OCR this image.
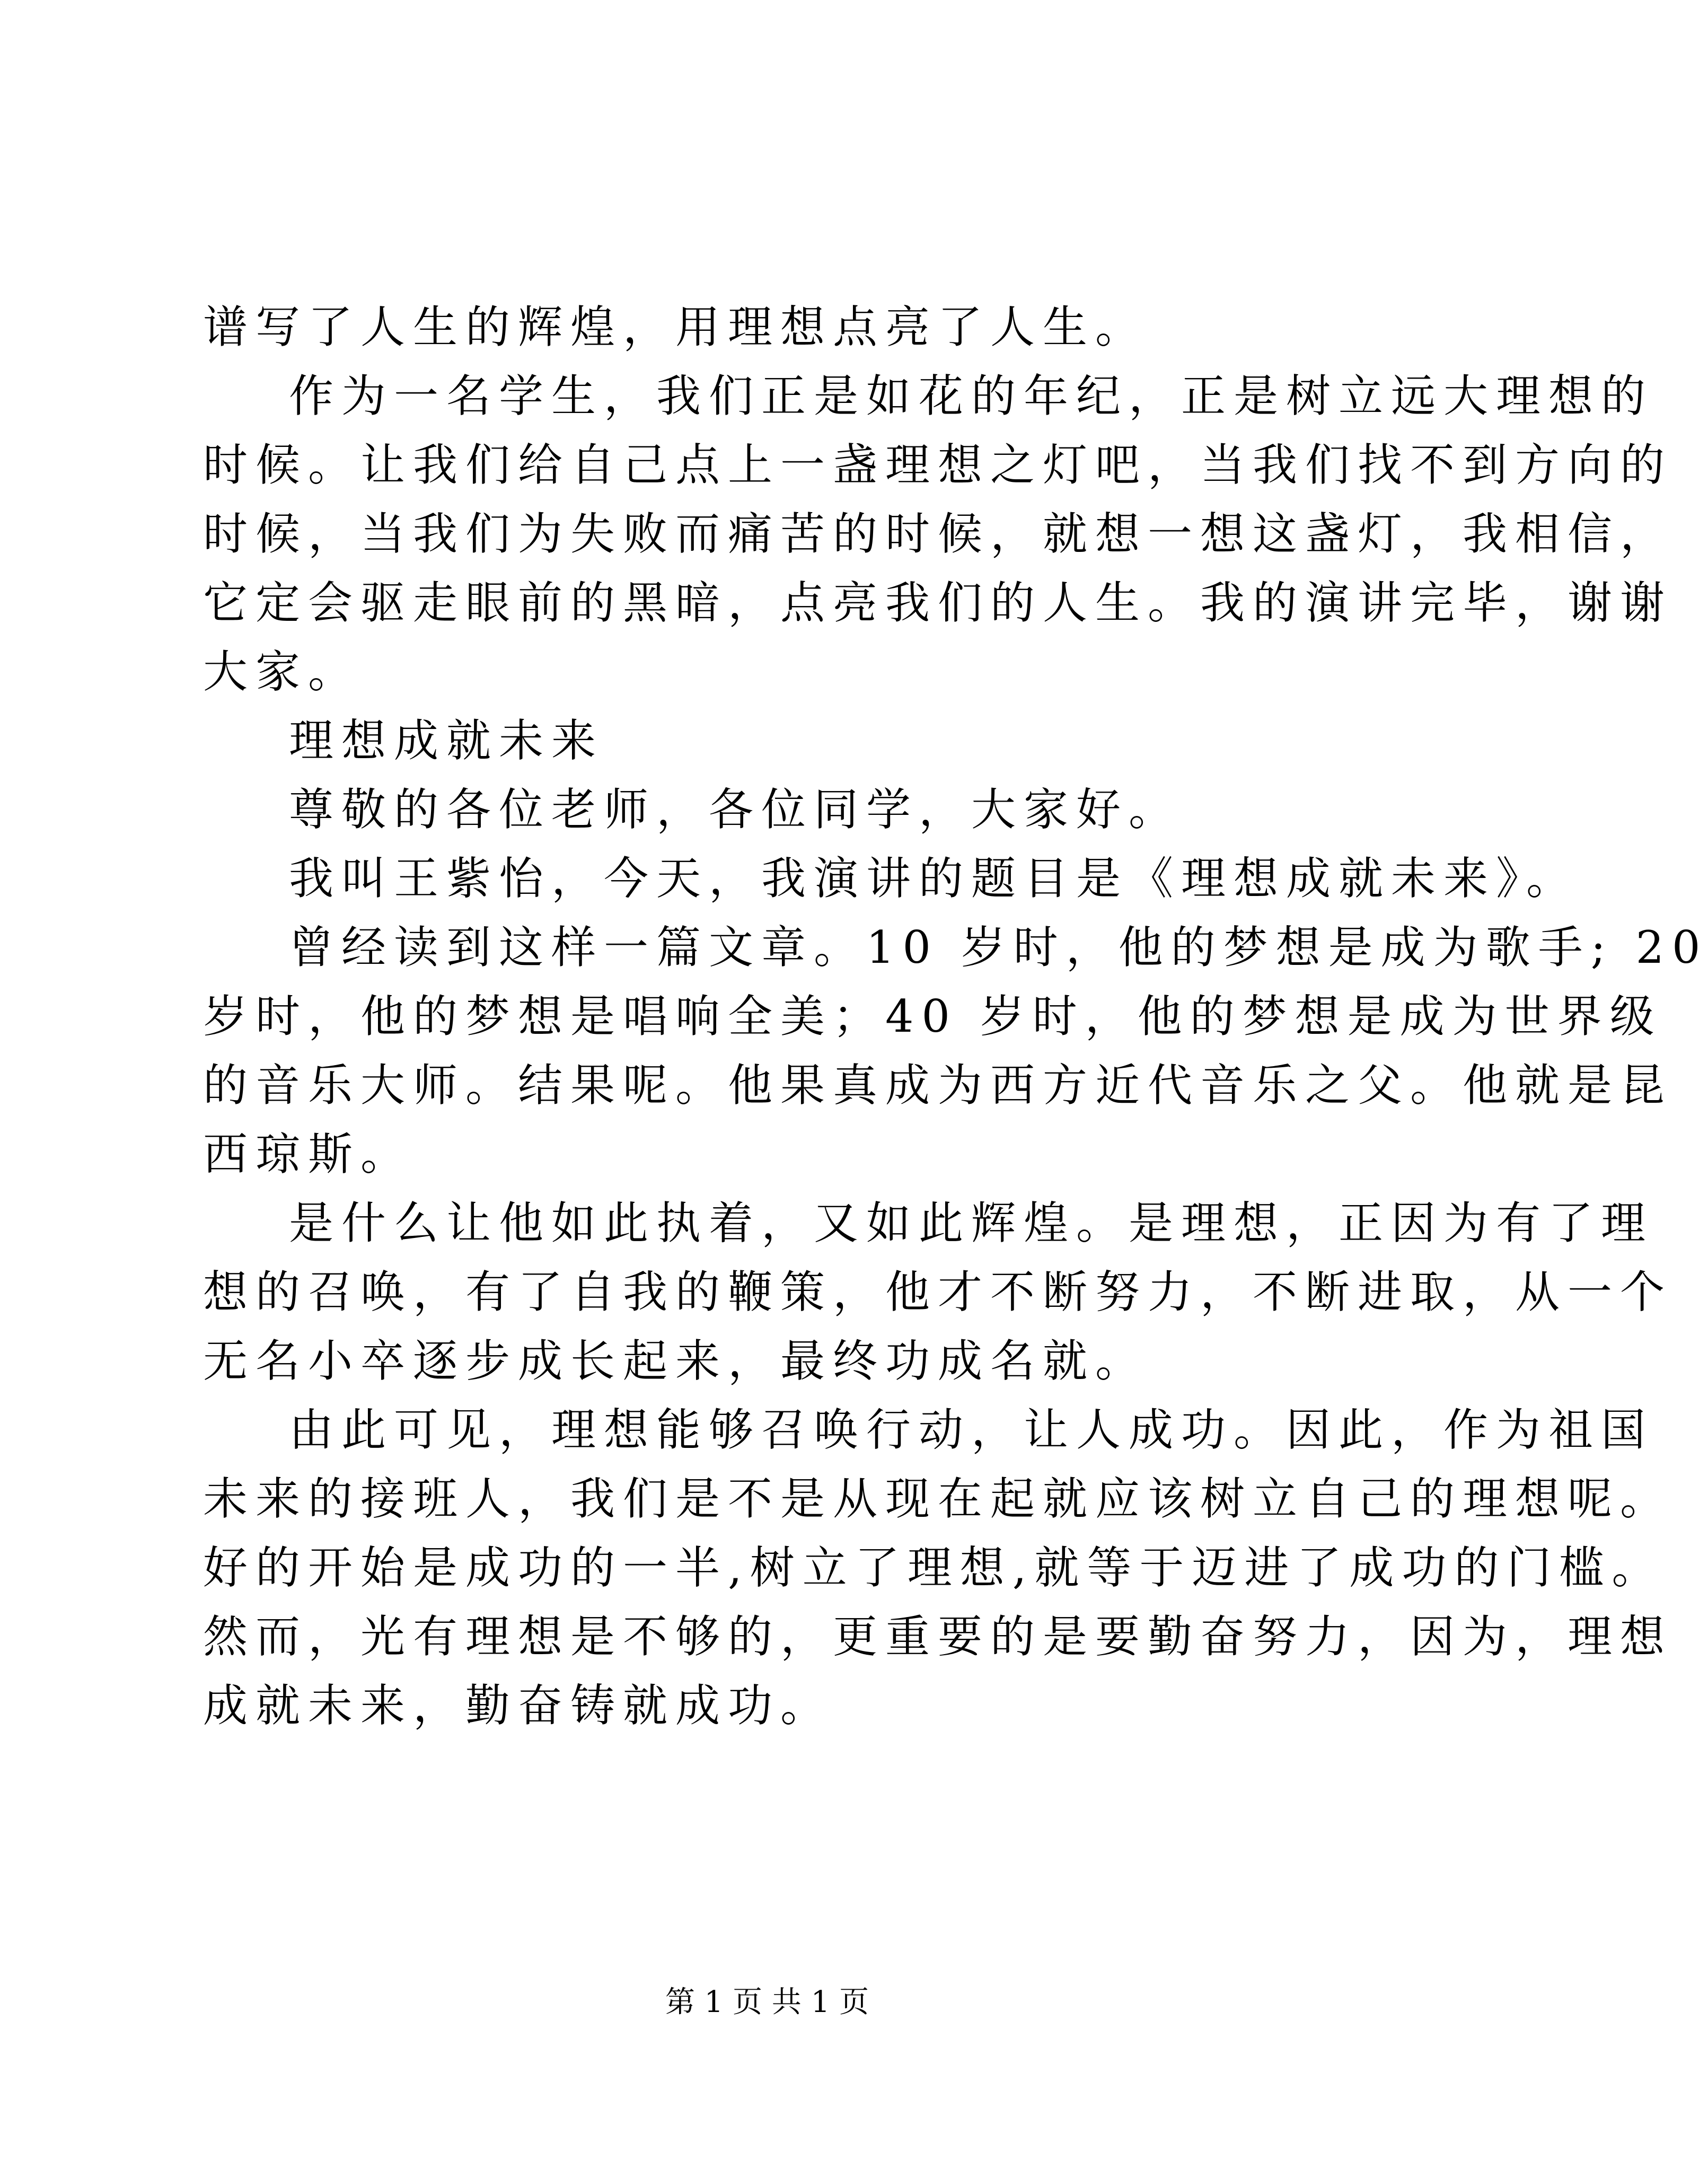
谱写了人生的辉煌，用理想点亮了人生。
作为一名学生，我们正是如花的年纪，正是树立远大理想的
时候。让我们给自己点上一盏理想之灯吧，当我们找不到方向的
时候，当我们为失败而痛苦的时候，就想一想这盏灯，我相信，
它定会驱走眼前的黑暗，点亮我们的人生。我的演讲完毕，谢谢
大家。
理想成就未来
尊敬的各位老师，各位同学，大家好。
我叫王紫怡，今天，我演讲的题目是《理想成就未来》。
曾经读到这样一篇文章。10 岁时，他的梦想是成为歌手; 20
岁时，他的梦想是唱响全美；40 岁时，他的梦想是成为世界级
的音乐大师。结果呢。他果真成为西方近代音乐之父。他就是昆
西琼斯。
是什么让他如此执着，又如此辉煌。是理想，正因为有了理
想的召唤，有了自我的鞭策，他才不断努力，不断进取，从一个
无名小卒逐步成长起来，最终功成名就。
由此可见，理想能够召唤行动，让人成功。因此，作为祖国
未来的接班人，我们是不是从现在起就应该树立自己的理想呢。
好的开始是成功的一半,树立了理想,就等于迈进了成功的门槛。
然而，光有理想是不够的，更重要的是要勤奋努力，因为，理想
成就未来，勤奋铸就成功。
第 1 页 共 1 页
